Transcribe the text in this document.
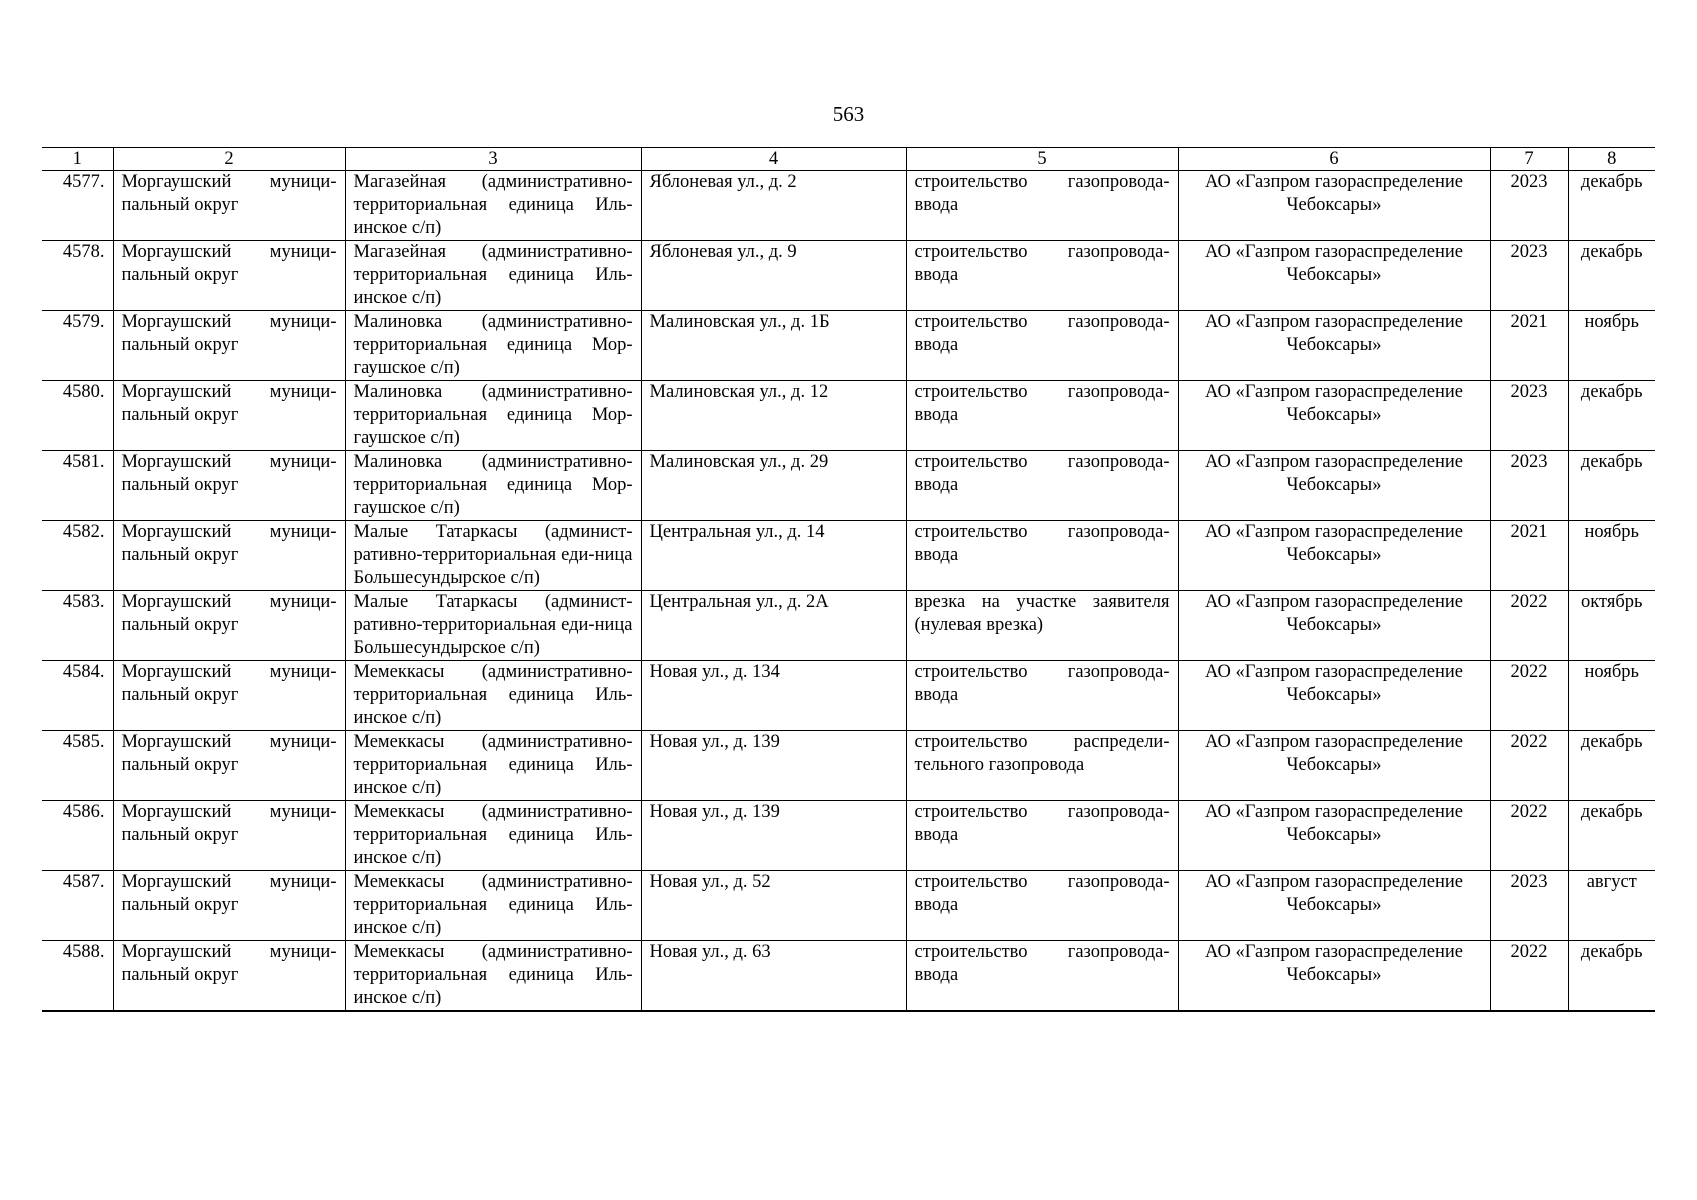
563
1	2	3	4	5	6	7	8
4577.	Моргаушский муници-пальный округ	Магазейная (административно-территориальная единица Иль-инское с/п)	Яблоневая ул., д. 2	строительство газопровода-ввода	АО «Газпром газораспределение Чебоксары»	2023	декабрь
4578.	Моргаушский муници-пальный округ	Магазейная (административно-территориальная единица Иль-инское с/п)	Яблоневая ул., д. 9	строительство газопровода-ввода	АО «Газпром газораспределение Чебоксары»	2023	декабрь
4579.	Моргаушский муници-пальный округ	Малиновка (административно-территориальная единица Мор-гаушское с/п)	Малиновская ул., д. 1Б	строительство газопровода-ввода	АО «Газпром газораспределение Чебоксары»	2021	ноябрь
4580.	Моргаушский муници-пальный округ	Малиновка (административно-территориальная единица Мор-гаушское с/п)	Малиновская ул., д. 12	строительство газопровода-ввода	АО «Газпром газораспределение Чебоксары»	2023	декабрь
4581.	Моргаушский муници-пальный округ	Малиновка (административно-территориальная единица Мор-гаушское с/п)	Малиновская ул., д. 29	строительство газопровода-ввода	АО «Газпром газораспределение Чебоксары»	2023	декабрь
4582.	Моргаушский муници-пальный округ	Малые Татаркасы (админист-ративно-территориальная еди-ница Большесундырское с/п)	Центральная ул., д. 14	строительство газопровода-ввода	АО «Газпром газораспределение Чебоксары»	2021	ноябрь
4583.	Моргаушский муници-пальный округ	Малые Татаркасы (админист-ративно-территориальная еди-ница Большесундырское с/п)	Центральная ул., д. 2А	врезка на участке заявителя (нулевая врезка)	АО «Газпром газораспределение Чебоксары»	2022	октябрь
4584.	Моргаушский муници-пальный округ	Мемеккасы (административно-территориальная единица Иль-инское с/п)	Новая ул., д. 134	строительство газопровода-ввода	АО «Газпром газораспределение Чебоксары»	2022	ноябрь
4585.	Моргаушский муници-пальный округ	Мемеккасы (административно-территориальная единица Иль-инское с/п)	Новая ул., д. 139	строительство распредели-тельного газопровода	АО «Газпром газораспределение Чебоксары»	2022	декабрь
4586.	Моргаушский муници-пальный округ	Мемеккасы (административно-территориальная единица Иль-инское с/п)	Новая ул., д. 139	строительство газопровода-ввода	АО «Газпром газораспределение Чебоксары»	2022	декабрь
4587.	Моргаушский муници-пальный округ	Мемеккасы (административно-территориальная единица Иль-инское с/п)	Новая ул., д. 52	строительство газопровода-ввода	АО «Газпром газораспределение Чебоксары»	2023	август
4588.	Моргаушский муници-пальный округ	Мемеккасы (административно-территориальная единица Иль-инское с/п)	Новая ул., д. 63	строительство газопровода-ввода	АО «Газпром газораспределение Чебоксары»	2022	декабрь
